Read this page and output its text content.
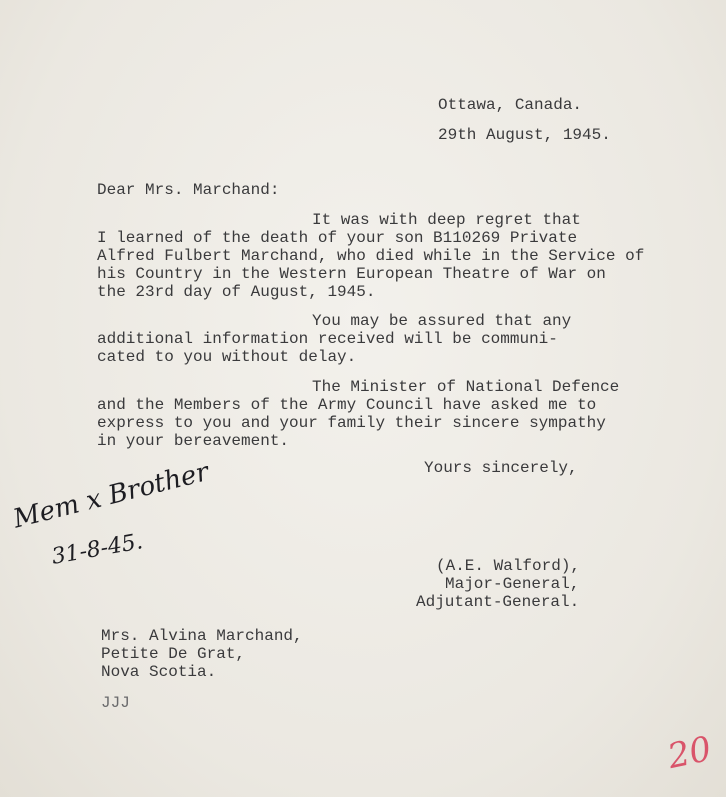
Ottawa, Canada.
29th August, 1945.
Dear Mrs. Marchand:
It was with deep regret that
I learned of the death of your son B110269 Private
Alfred Fulbert Marchand, who died while in the Service of
his Country in the Western European Theatre of War on
the 23rd day of August, 1945.
You may be assured that any
additional information received will be communi-
cated to you without delay.
The Minister of National Defence
and the Members of the Army Council have asked me to
express to you and your family their sincere sympathy
in your bereavement.
Yours sincerely,
Mem x Brother
31-8-45.	(A.E. Walford),
Major-General,
Adjutant-General.
Mrs. Alvina Marchand,
Petite De Grat,
Nova Scotia.
JJJ
20
